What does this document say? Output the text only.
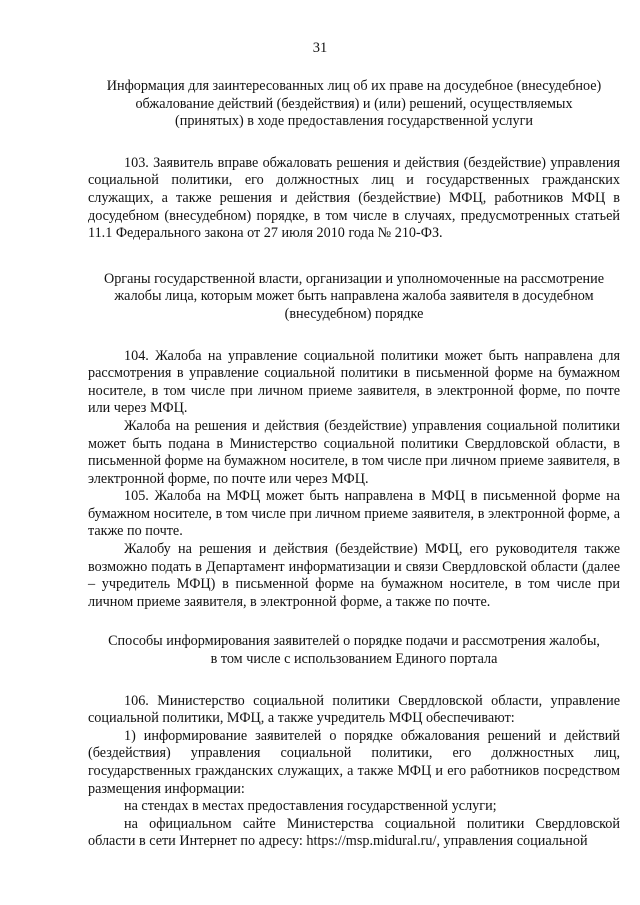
31
Информация для заинтересованных лиц об их праве на досудебное (внесудебное)
обжалование действий (бездействия) и (или) решений, осуществляемых
(принятых) в ходе предоставления государственной услуги

103. Заявитель вправе обжаловать решения и действия (бездействие) управления социальной политики, его должностных лиц и государственных гражданских служащих, а также решения и действия (бездействие) МФЦ, работников МФЦ в досудебном (внесудебном) порядке, в том числе в случаях, предусмотренных статьей 11.1 Федерального закона от 27 июля 2010 года № 210-ФЗ.

Органы государственной власти, организации и уполномоченные на рассмотрение
жалобы лица, которым может быть направлена жалоба заявителя в досудебном
(внесудебном) порядке

104. Жалоба на управление социальной политики может быть направлена для рассмотрения в управление социальной политики в письменной форме на бумажном носителе, в том числе при личном приеме заявителя, в электронной форме, по почте или через МФЦ.

Жалоба на решения и действия (бездействие) управления социальной политики может быть подана в Министерство социальной политики Свердловской области, в письменной форме на бумажном носителе, в том числе при личном приеме заявителя, в электронной форме, по почте или через МФЦ.

105. Жалоба на МФЦ может быть направлена в МФЦ в письменной форме на бумажном носителе, в том числе при личном приеме заявителя, в электронной форме, а также по почте.

Жалобу на решения и действия (бездействие) МФЦ, его руководителя также возможно подать в Департамент информатизации и связи Свердловской области (далее – учредитель МФЦ) в письменной форме на бумажном носителе, в том числе при личном приеме заявителя, в электронной форме, а также по почте.

Способы информирования заявителей о порядке подачи и рассмотрения жалобы,
в том числе с использованием Единого портала

106. Министерство социальной политики Свердловской области, управление социальной политики, МФЦ, а также учредитель МФЦ обеспечивают:

1) информирование заявителей о порядке обжалования решений и действий (бездействия) управления социальной политики, его должностных лиц, государственных гражданских служащих, а также МФЦ и его работников посредством размещения информации:

на стендах в местах предоставления государственной услуги;

на официальном сайте Министерства социальной политики Свердловской области в сети Интернет по адресу: https://msp.midural.ru/, управления социальной
